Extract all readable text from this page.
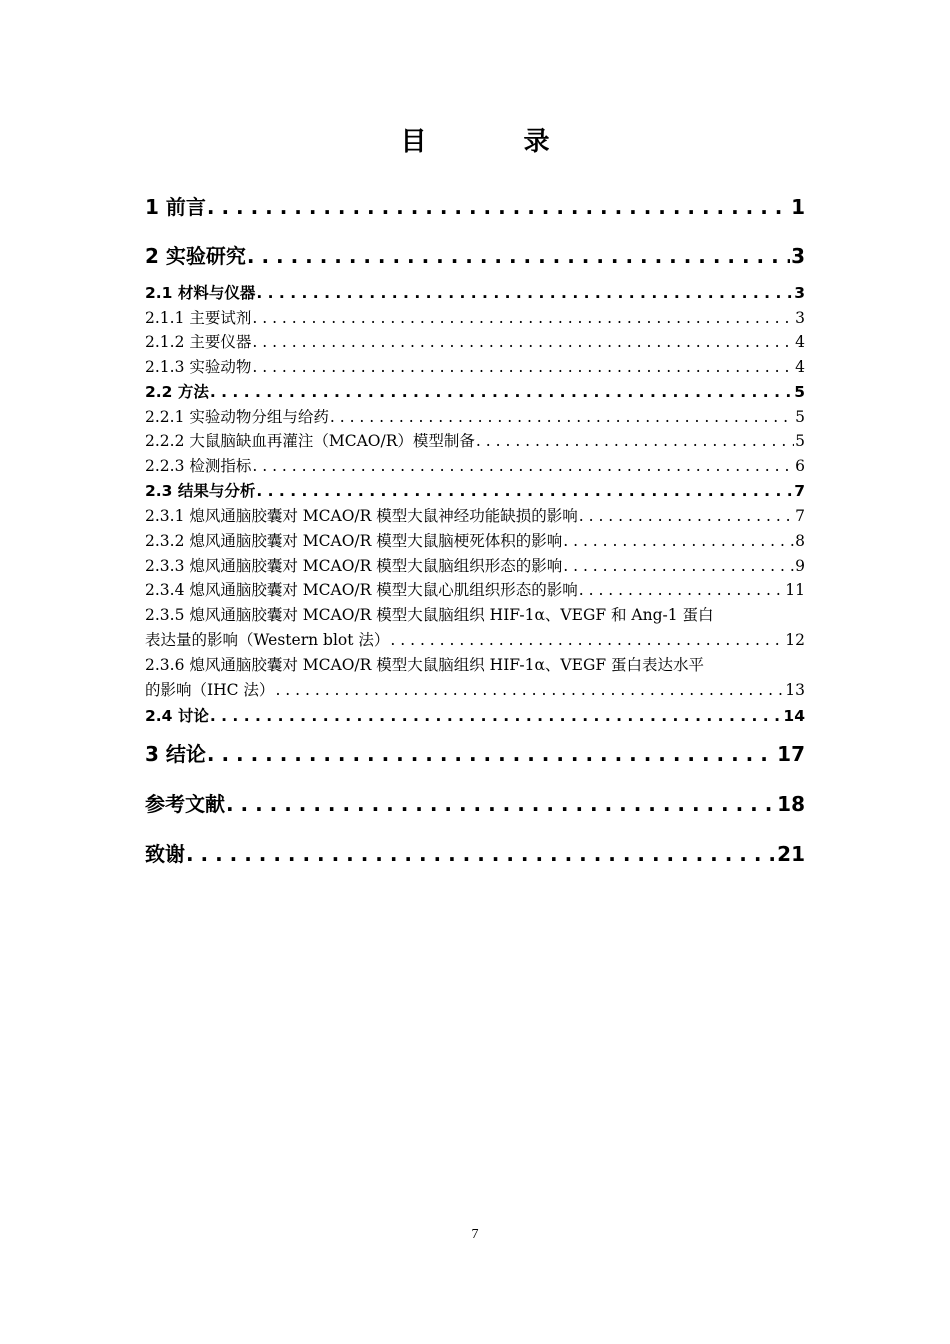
目 录
1 前言 . . .	1
2 实验研究 . . .	3
2.1 材料与仪器 . . .	3
2.1.1 主要试剂 . . .	3
2.1.2 主要仪器 . . .	4
2.1.3 实验动物 . . .	4
2.2 方法 . . .	5
2.2.1 实验动物分组与给药 . . .	5
2.2.2 大鼠脑缺血再灌注（MCAO/R）模型制备 . . .	5
2.2.3 检测指标 . . .	6
2.3 结果与分析 . . .	7
2.3.1 熄风通脑胶囊对 MCAO/R 模型大鼠神经功能缺损的影响 . . .	7
2.3.2 熄风通脑胶囊对 MCAO/R 模型大鼠脑梗死体积的影响 . . .	8
2.3.3 熄风通脑胶囊对 MCAO/R 模型大鼠脑组织形态的影响 . . .	9
2.3.4 熄风通脑胶囊对 MCAO/R 模型大鼠心肌组织形态的影响 . . .	11
2.3.5 熄风通脑胶囊对 MCAO/R 模型大鼠脑组织 HIF-1α、VEGF 和 Ang-1 蛋白
表达量的影响（Western blot 法） . . .	12
2.3.6 熄风通脑胶囊对 MCAO/R 模型大鼠脑组织 HIF-1α、VEGF 蛋白表达水平
的影响（IHC 法） . . .	13
2.4 讨论 . . .	14
3 结论 . . .	17
参考文献 . . .	18
致谢 . . .	21
7
